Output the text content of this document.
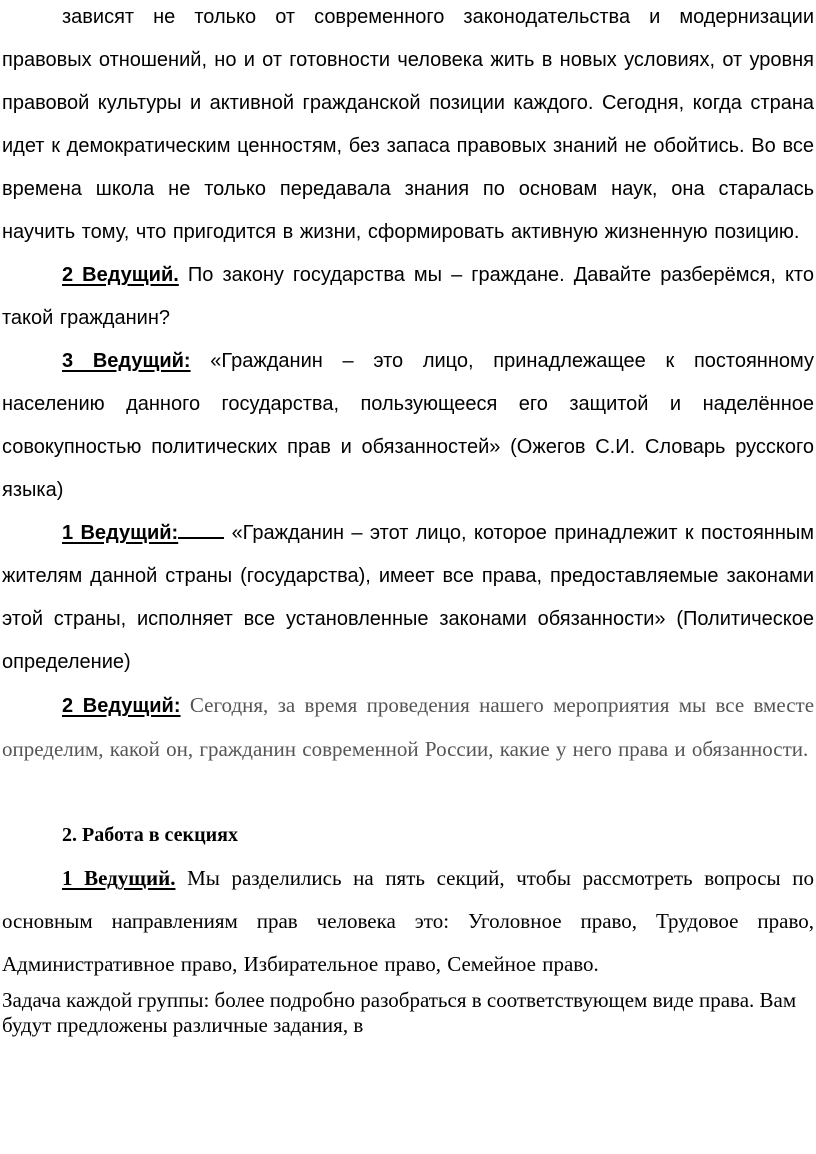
зависят не только от современного законодательства и модернизации правовых отношений, но и от готовности человека жить в новых условиях, от уровня правовой культуры и активной гражданской позиции каждого. Сегодня, когда страна идет к демократическим ценностям, без запаса правовых знаний не обойтись. Во все времена школа не только передавала знания по основам наук, она старалась научить тому, что пригодится в жизни, сформировать активную жизненную позицию.

2 Ведущий. По закону государства мы – граждане. Давайте разберёмся, кто такой гражданин?

3 Ведущий: «Гражданин – это лицо, принадлежащее к постоянному населению данного государства, пользующееся его защитой и наделённое совокупностью политических прав и обязанностей» (Ожегов С.И. Словарь русского языка)

1 Ведущий:	«Гражданин – этот лицо, которое принадлежит к постоянным жителям данной страны (государства), имеет все права, предоставляемые законами этой страны, исполняет все установленные законами обязанности» (Политическое определение)

2 Ведущий: Сегодня, за время проведения нашего мероприятия мы все вместе определим, какой он, гражданин современной России, какие у него права и обязанности.

2. Работа в секциях

1 Ведущий. Мы разделились на пять секций, чтобы рассмотреть вопросы по основным направлениям прав человека это: Уголовное право, Трудовое право, Административное право, Избирательное право, Семейное право.

Задача каждой группы: более подробно разобраться в соответствующем виде права. Вам будут предложены различные задания, в
